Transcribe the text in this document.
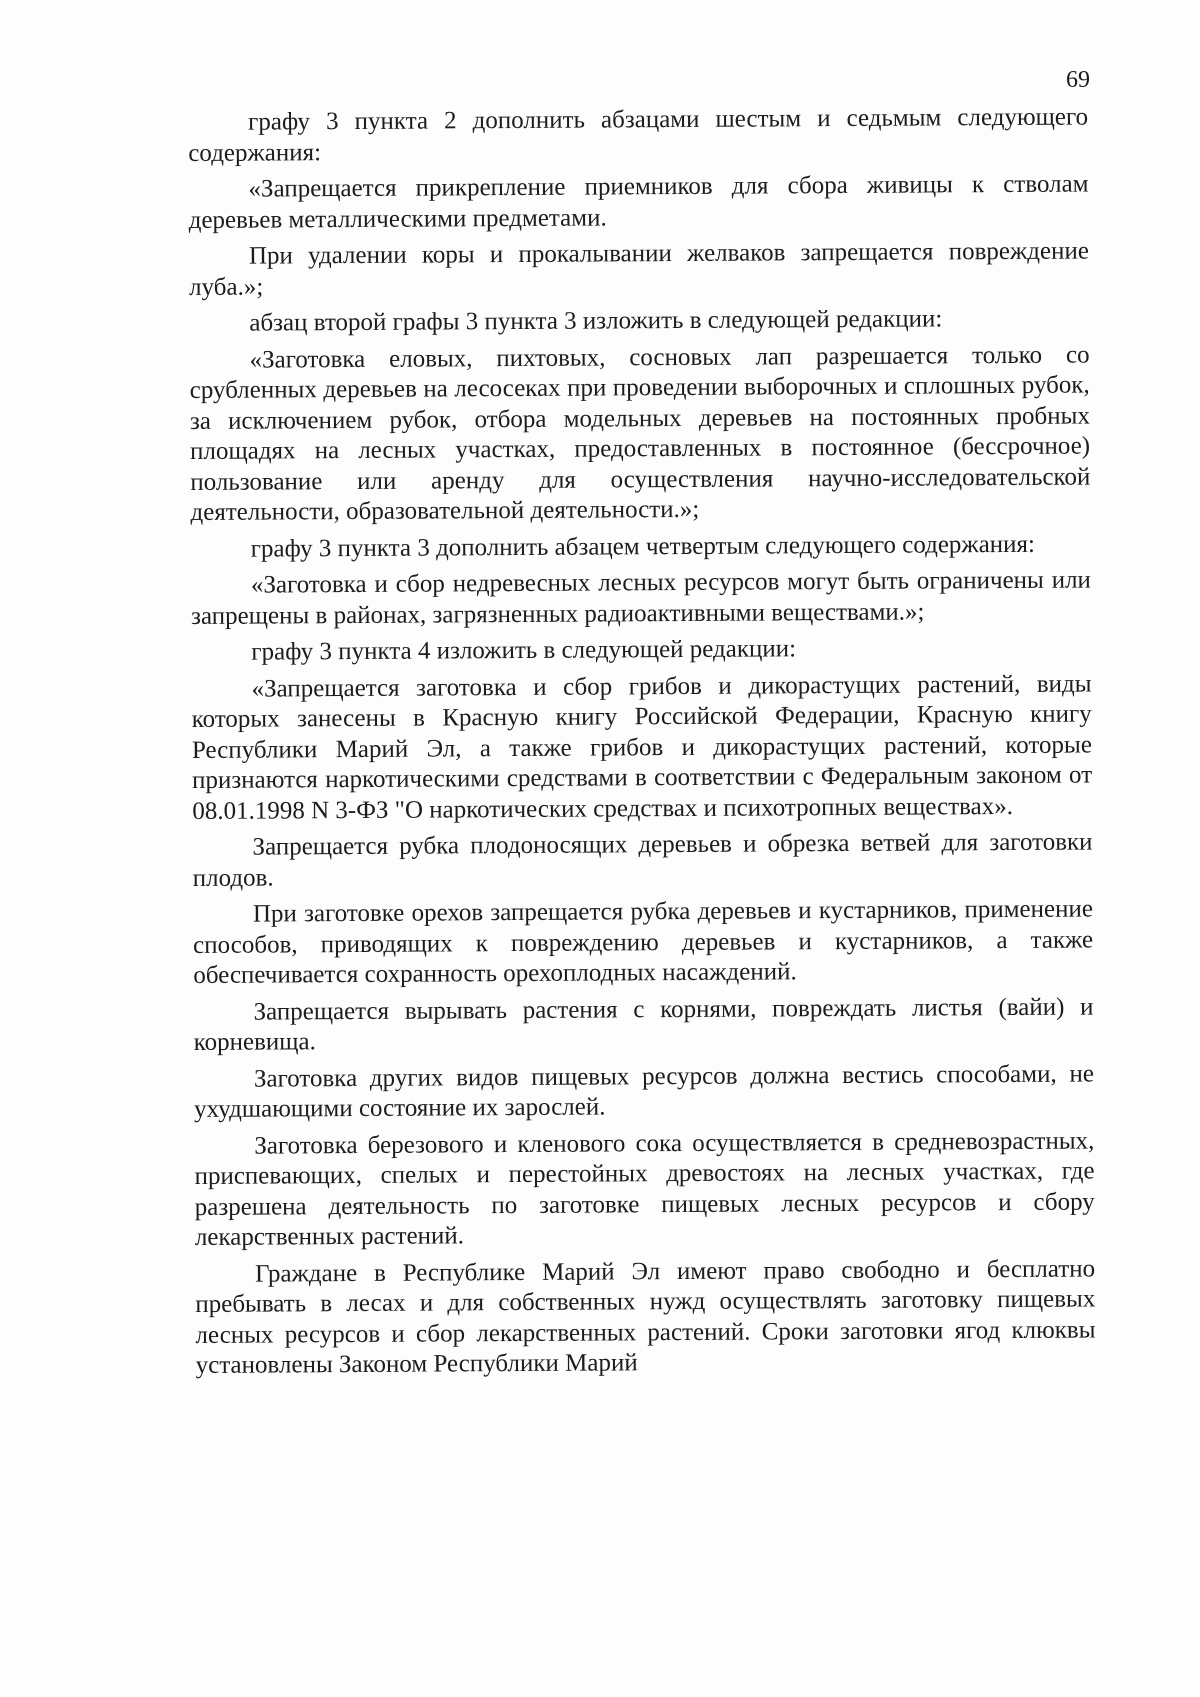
69

графу 3 пункта 2 дополнить абзацами шестым и седьмым следующего содержания:

«Запрещается прикрепление приемников для сбора живицы к стволам деревьев металлическими предметами.

При удалении коры и прокалывании желваков запрещается повреждение луба.»;

абзац второй графы 3 пункта 3 изложить в следующей редакции:

«Заготовка еловых, пихтовых, сосновых лап разрешается только со срубленных деревьев на лесосеках при проведении выборочных и сплошных рубок, за исключением рубок, отбора модельных деревьев на постоянных пробных площадях на лесных участках, предоставленных в постоянное (бессрочное) пользование или аренду для осуществления научно-исследовательской деятельности, образовательной деятельности.»;

графу 3 пункта 3 дополнить абзацем четвертым следующего содержания:

«Заготовка и сбор недревесных лесных ресурсов могут быть ограничены или запрещены в районах, загрязненных радиоактивными веществами.»;

графу 3 пункта 4 изложить в следующей редакции:

«Запрещается заготовка и сбор грибов и дикорастущих растений, виды которых занесены в Красную книгу Российской Федерации, Красную книгу Республики Марий Эл, а также грибов и дикорастущих растений, которые признаются наркотическими средствами в соответствии с Федеральным законом от 08.01.1998 N 3-ФЗ "О наркотических средствах и психотропных веществах».

Запрещается рубка плодоносящих деревьев и обрезка ветвей для заготовки плодов.

При заготовке орехов запрещается рубка деревьев и кустарников, применение способов, приводящих к повреждению деревьев и кустарников, а также обеспечивается сохранность орехоплодных насаждений.

Запрещается вырывать растения с корнями, повреждать листья (вайи) и корневища.

Заготовка других видов пищевых ресурсов должна вестись способами, не ухудшающими состояние их зарослей.

Заготовка березового и кленового сока осуществляется в средневозрастных, приспевающих, спелых и перестойных древостоях на лесных участках, где разрешена деятельность по заготовке пищевых лесных ресурсов и сбору лекарственных растений.

Граждане в Республике Марий Эл имеют право свободно и бесплатно пребывать в лесах и для собственных нужд осуществлять заготовку пищевых лесных ресурсов и сбор лекарственных растений. Сроки заготовки ягод клюквы установлены Законом Республики Марий
